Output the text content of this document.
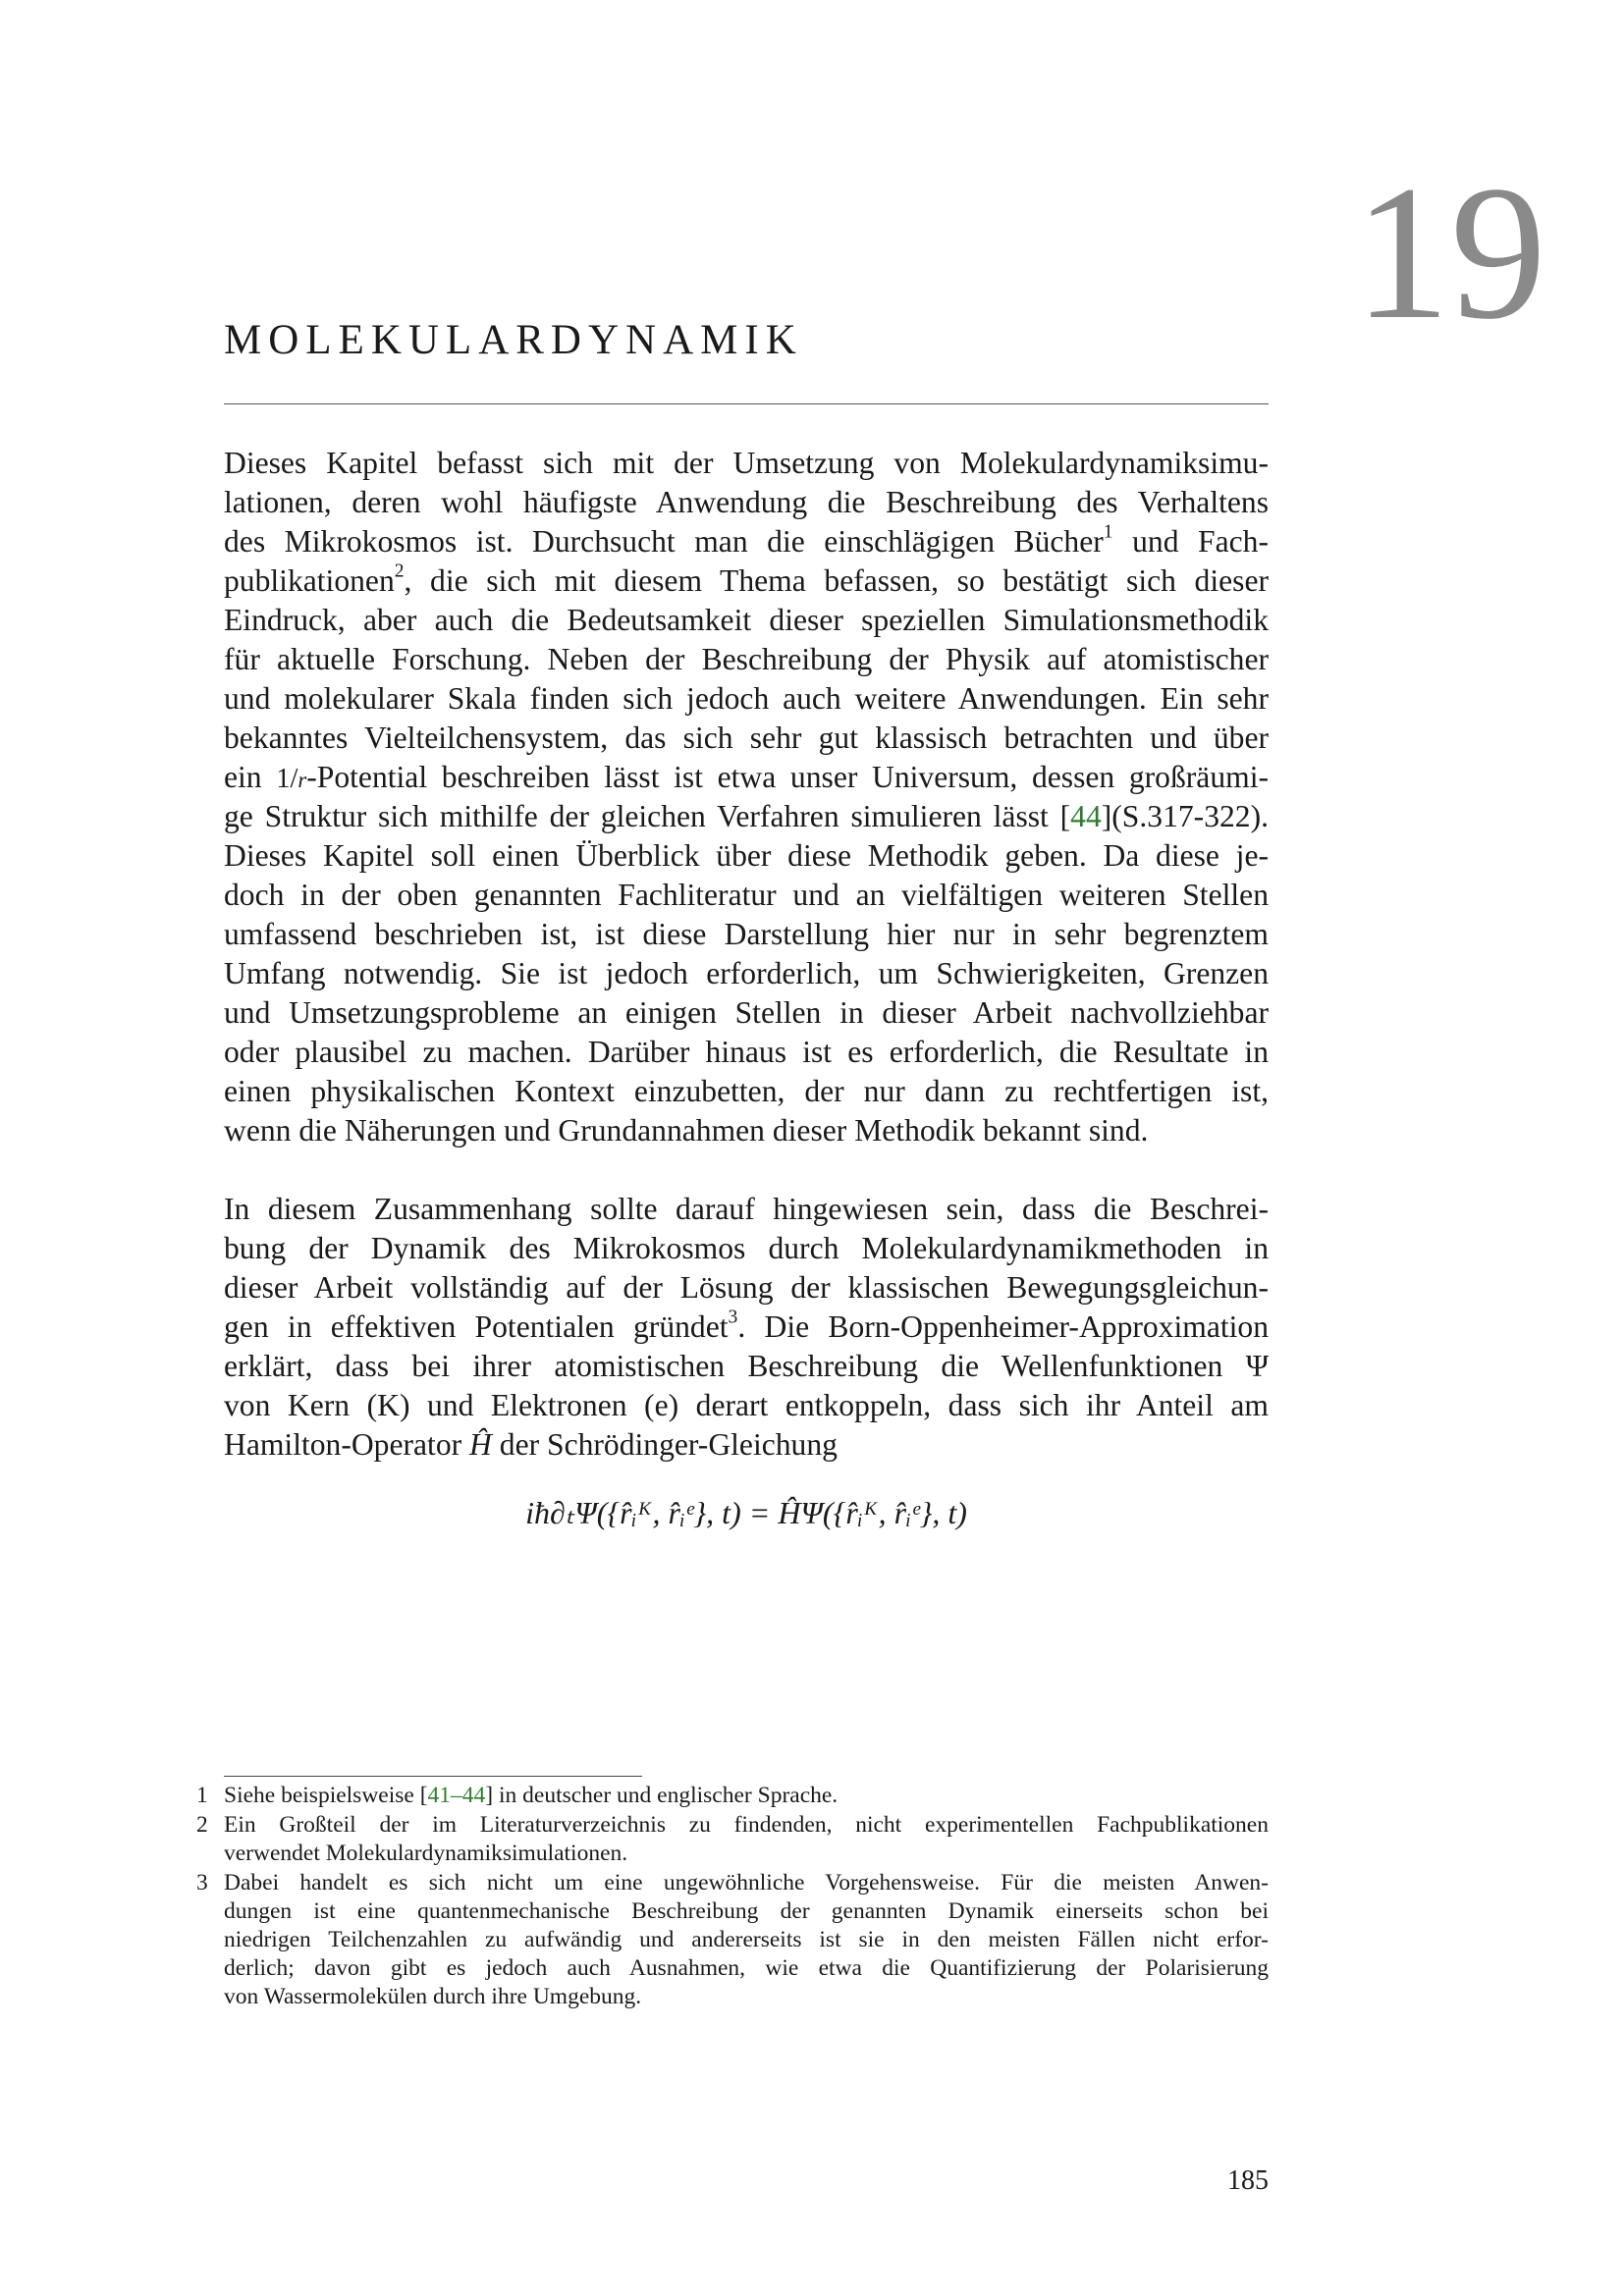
19
MOLEKULARDYNAMIK
Dieses Kapitel befasst sich mit der Umsetzung von Molekulardynamiksimu-
lationen, deren wohl häufigste Anwendung die Beschreibung des Verhaltens
des Mikrokosmos ist. Durchsucht man die einschlägigen Bücher$^1$ und Fach-
publikationen$^2$, die sich mit diesem Thema befassen, so bestätigt sich dieser
Eindruck, aber auch die Bedeutsamkeit dieser speziellen Simulationsmethodik
für aktuelle Forschung. Neben der Beschreibung der Physik auf atomistischer
und molekularer Skala finden sich jedoch auch weitere Anwendungen. Ein sehr
bekanntes Vielteilchensystem, das sich sehr gut klassisch betrachten und über
ein 1/r-Potential beschreiben lässt ist etwa unser Universum, dessen großräumi-
ge Struktur sich mithilfe der gleichen Verfahren simulieren lässt [44](S.317-322).
Dieses Kapitel soll einen Überblick über diese Methodik geben. Da diese je-
doch in der oben genannten Fachliteratur und an vielfältigen weiteren Stellen
umfassend beschrieben ist, ist diese Darstellung hier nur in sehr begrenztem
Umfang notwendig. Sie ist jedoch erforderlich, um Schwierigkeiten, Grenzen
und Umsetzungsprobleme an einigen Stellen in dieser Arbeit nachvollziehbar
oder plausibel zu machen. Darüber hinaus ist es erforderlich, die Resultate in
einen physikalischen Kontext einzubetten, der nur dann zu rechtfertigen ist,
wenn die Näherungen und Grundannahmen dieser Methodik bekannt sind.
In diesem Zusammenhang sollte darauf hingewiesen sein, dass die Beschrei-
bung der Dynamik des Mikrokosmos durch Molekulardynamikmethoden in
dieser Arbeit vollständig auf der Lösung der klassischen Bewegungsgleichun-
gen in effektiven Potentialen gründet$^3$. Die Born-Oppenheimer-Approximation
erklärt, dass bei ihrer atomistischen Beschreibung die Wellenfunktionen Ψ
von Kern (K) und Elektronen (e) derart entkoppeln, dass sich ihr Anteil am
Hamilton-Operator Ĥ der Schrödinger-Gleichung
iħ∂ₜΨ({r̂ᵢᴷ, r̂ᵢᵉ}, t) = ĤΨ({r̂ᵢᴷ, r̂ᵢᵉ}, t)
1 Siehe beispielsweise [41–44] in deutscher und englischer Sprache.
2 Ein Großteil der im Literaturverzeichnis zu findenden, nicht experimentellen Fachpublikationen
verwendet Molekulardynamiksimulationen.
3 Dabei handelt es sich nicht um eine ungewöhnliche Vorgehensweise. Für die meisten Anwen-
dungen ist eine quantenmechanische Beschreibung der genannten Dynamik einerseits schon bei
niedrigen Teilchenzahlen zu aufwändig und andererseits ist sie in den meisten Fällen nicht erfor-
derlich; davon gibt es jedoch auch Ausnahmen, wie etwa die Quantifizierung der Polarisierung
von Wassermolekülen durch ihre Umgebung.
185
